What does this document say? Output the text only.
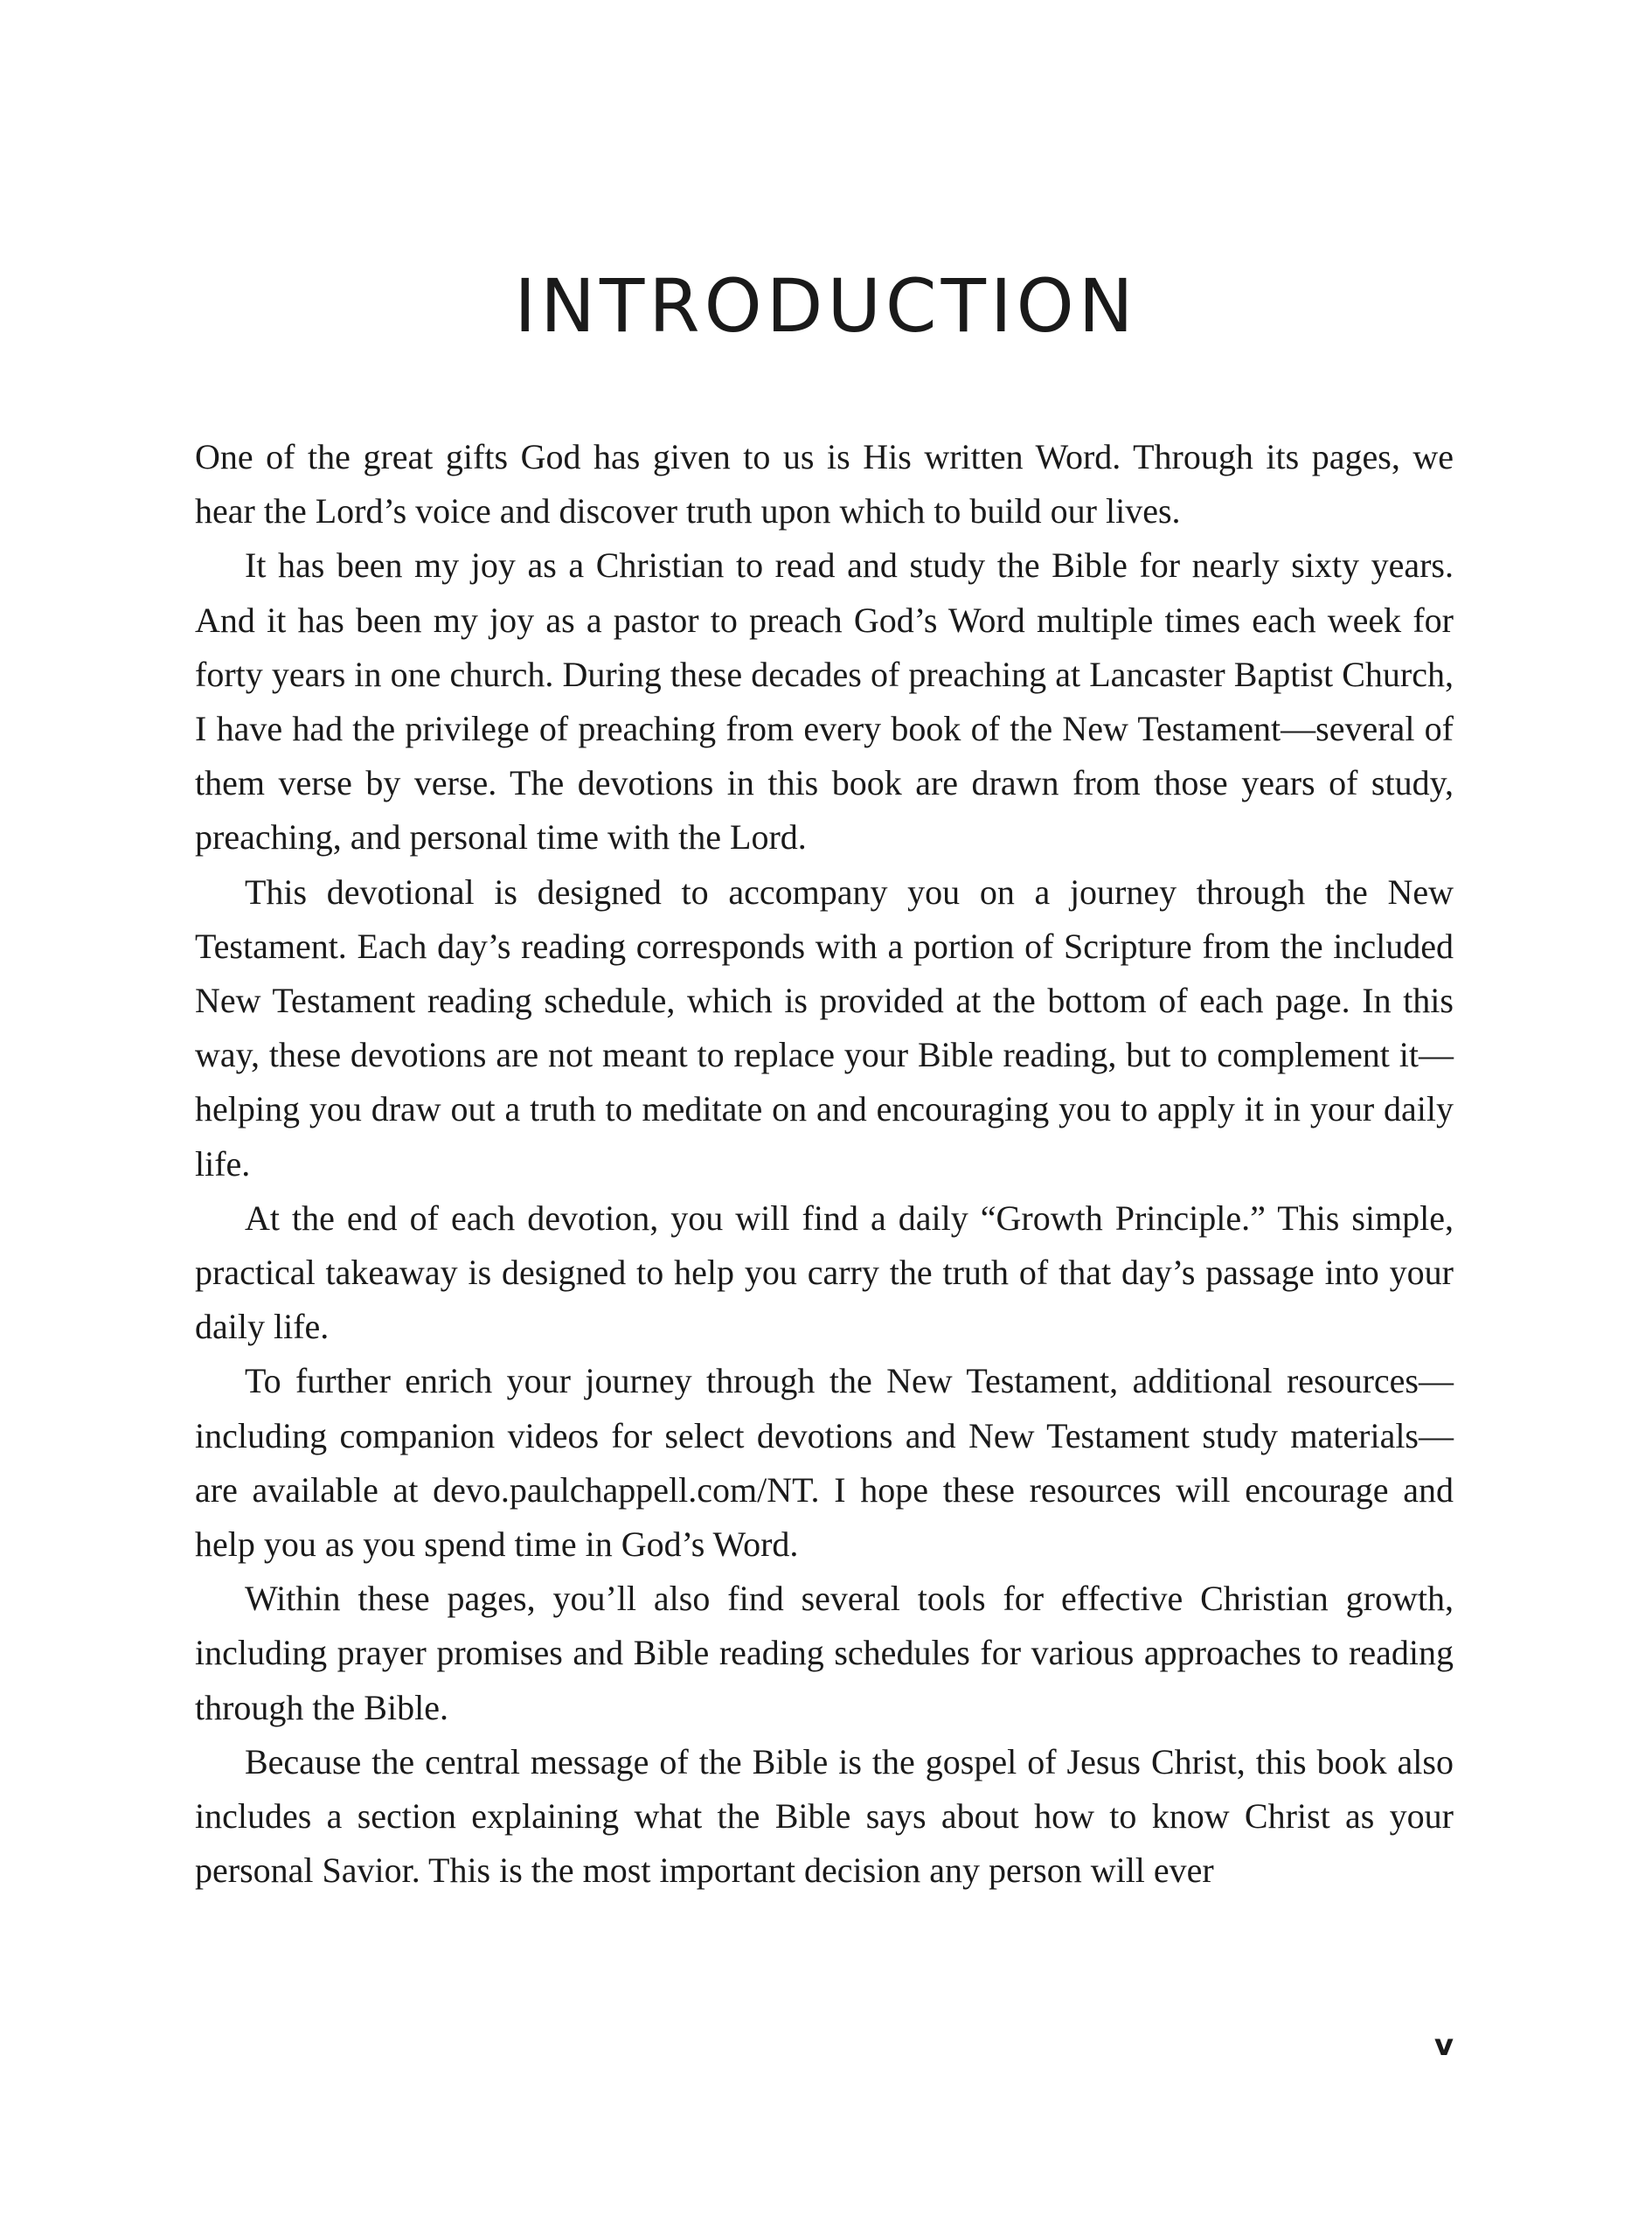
INTRODUCTION

One of the great gifts God has given to us is His written Word. Through its pages, we hear the Lord’s voice and discover truth upon which to build our lives.

It has been my joy as a Christian to read and study the Bible for nearly sixty years. And it has been my joy as a pastor to preach God’s Word multiple times each week for forty years in one church. During these decades of preaching at Lancaster Baptist Church, I have had the privilege of preaching from every book of the New Testament—several of them verse by verse. The devotions in this book are drawn from those years of study, preaching, and personal time with the Lord.

This devotional is designed to accompany you on a journey through the New Testament. Each day’s reading corresponds with a portion of Scripture from the included New Testament reading schedule, which is provided at the bottom of each page. In this way, these devotions are not meant to replace your Bible reading, but to complement it—helping you draw out a truth to meditate on and encouraging you to apply it in your daily life.

At the end of each devotion, you will find a daily “Growth Principle.” This simple, practical takeaway is designed to help you carry the truth of that day’s passage into your daily life.

To further enrich your journey through the New Testament, additional resources—including companion videos for select devotions and New Testament study materials—are available at devo.paulchappell.com/NT. I hope these resources will encourage and help you as you spend time in God’s Word.

Within these pages, you’ll also find several tools for effective Christian growth, including prayer promises and Bible reading schedules for various approaches to reading through the Bible.

Because the central message of the Bible is the gospel of Jesus Christ, this book also includes a section explaining what the Bible says about how to know Christ as your personal Savior. This is the most important decision any person will ever

v
